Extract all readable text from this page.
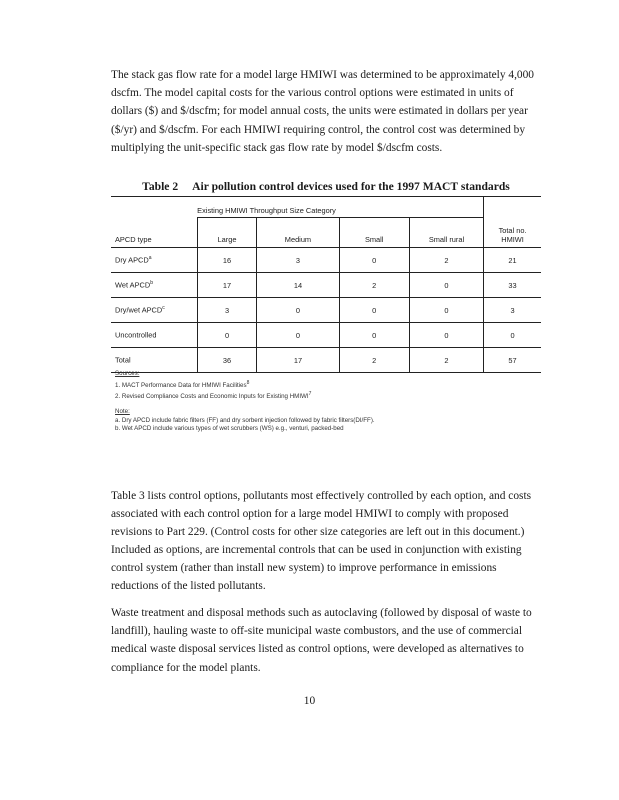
The stack gas flow rate for a model large HMIWI was determined to be approximately 4,000 dscfm. The model capital costs for the various control options were estimated in units of dollars ($) and $/dscfm; for model annual costs, the units were estimated in dollars per year ($/yr) and $/dscfm. For each HMIWI requiring control, the control cost was determined by multiplying the unit-specific stack gas flow rate by model $/dscfm costs.

Table 2 Air pollution control devices used for the 1997 MACT standards
	Existing HMIWI Throughput Size Category				
APCD type	Large	Medium	Small	Small rural	Total no.
HMIWI
Dry APCD$^a$	16	3	0	2	21
Wet APCD$^b$	17	14	2	0	33
Dry/wet APCD$^c$	3	0	0	0	3
Uncontrolled	0	0	0	0	0
Total	36	17	2	2	57
Sources:
1. MACT Performance Data for HMIWI Facilities$^8$
2. Revised Compliance Costs and Economic Inputs for Existing HMIWI$^7$
Note:
a. Dry APCD include fabric filters (FF) and dry sorbent injection followed by fabric filters(DI/FF).
b. Wet APCD include various types of wet scrubbers (WS) e.g., venturi, packed-bed

Table 3 lists control options, pollutants most effectively controlled by each option, and costs associated with each control option for a large model HMIWI to comply with proposed revisions to Part 229. (Control costs for other size categories are left out in this document.)

Included as options, are incremental controls that can be used in conjunction with existing control system (rather than install new system) to improve performance in emissions reductions of the listed pollutants.

Waste treatment and disposal methods such as autoclaving (followed by disposal of waste to landfill), hauling waste to off-site municipal waste combustors, and the use of commercial medical waste disposal services listed as control options, were developed as alternatives to compliance for the model plants.

10
